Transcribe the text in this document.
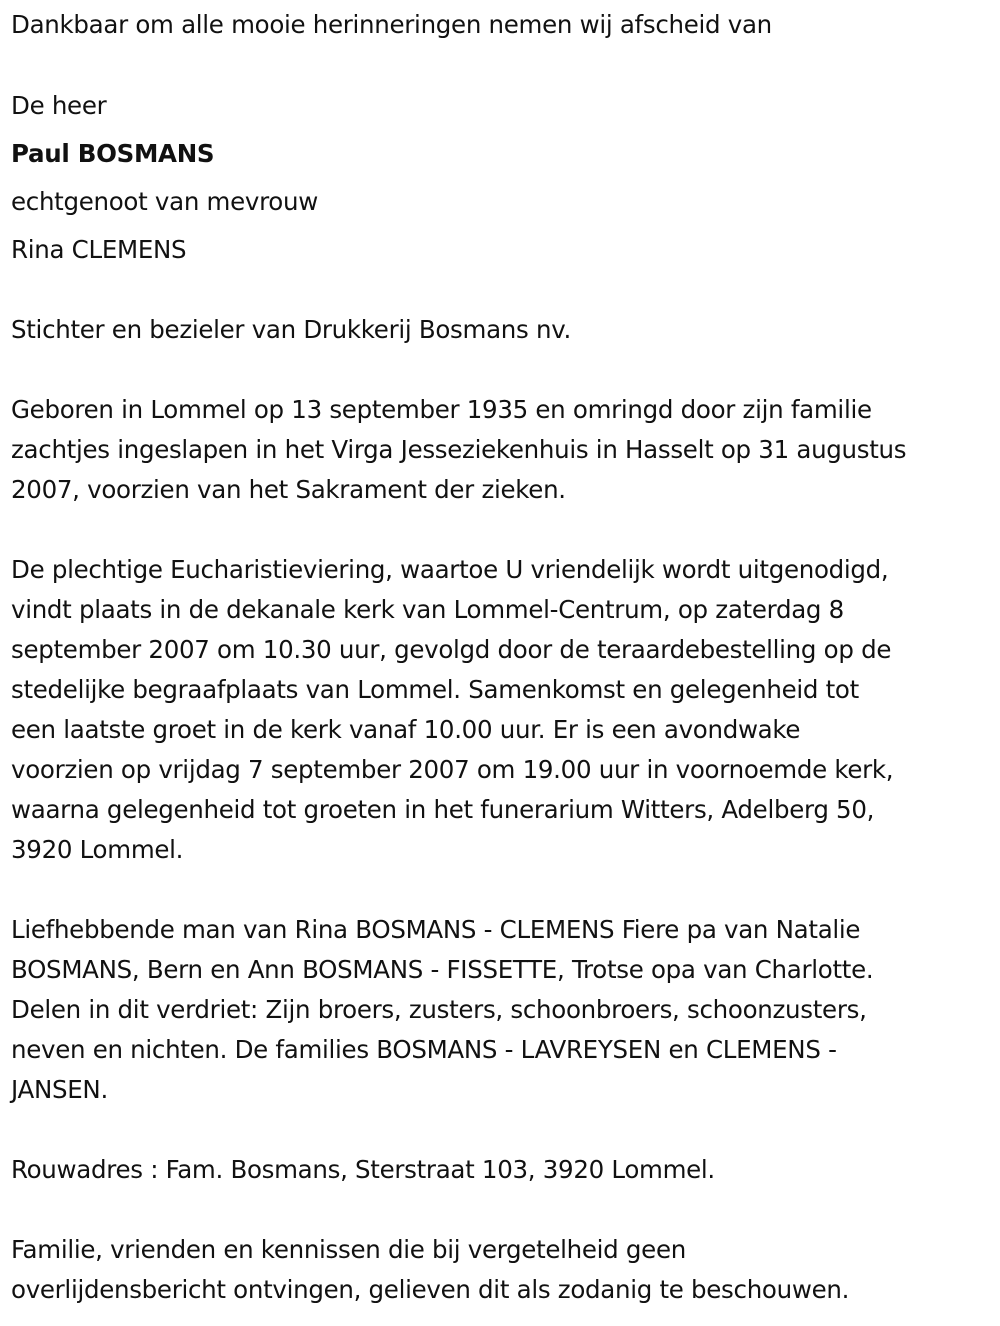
Dankbaar om alle mooie herinneringen nemen wij afscheid van
De heer
Paul BOSMANS
echtgenoot van mevrouw
Rina CLEMENS
Stichter en bezieler van Drukkerij Bosmans nv.
Geboren in Lommel op 13 september 1935 en omringd door zijn familie
zachtjes ingeslapen in het Virga Jesseziekenhuis in Hasselt op 31 augustus
2007, voorzien van het Sakrament der zieken.
De plechtige Eucharistieviering, waartoe U vriendelijk wordt uitgenodigd,
vindt plaats in de dekanale kerk van Lommel-Centrum, op zaterdag 8
september 2007 om 10.30 uur, gevolgd door de teraardebestelling op de
stedelijke begraafplaats van Lommel. Samenkomst en gelegenheid tot
een laatste groet in de kerk vanaf 10.00 uur. Er is een avondwake
voorzien op vrijdag 7 september 2007 om 19.00 uur in voornoemde kerk,
waarna gelegenheid tot groeten in het funerarium Witters, Adelberg 50,
3920 Lommel.
Liefhebbende man van Rina BOSMANS - CLEMENS Fiere pa van Natalie
BOSMANS, Bern en Ann BOSMANS - FISSETTE, Trotse opa van Charlotte.
Delen in dit verdriet: Zijn broers, zusters, schoonbroers, schoonzusters,
neven en nichten. De families BOSMANS - LAVREYSEN en CLEMENS -
JANSEN.
Rouwadres : Fam. Bosmans, Sterstraat 103, 3920 Lommel.
Familie, vrienden en kennissen die bij vergetelheid geen
overlijdensbericht ontvingen, gelieven dit als zodanig te beschouwen.
